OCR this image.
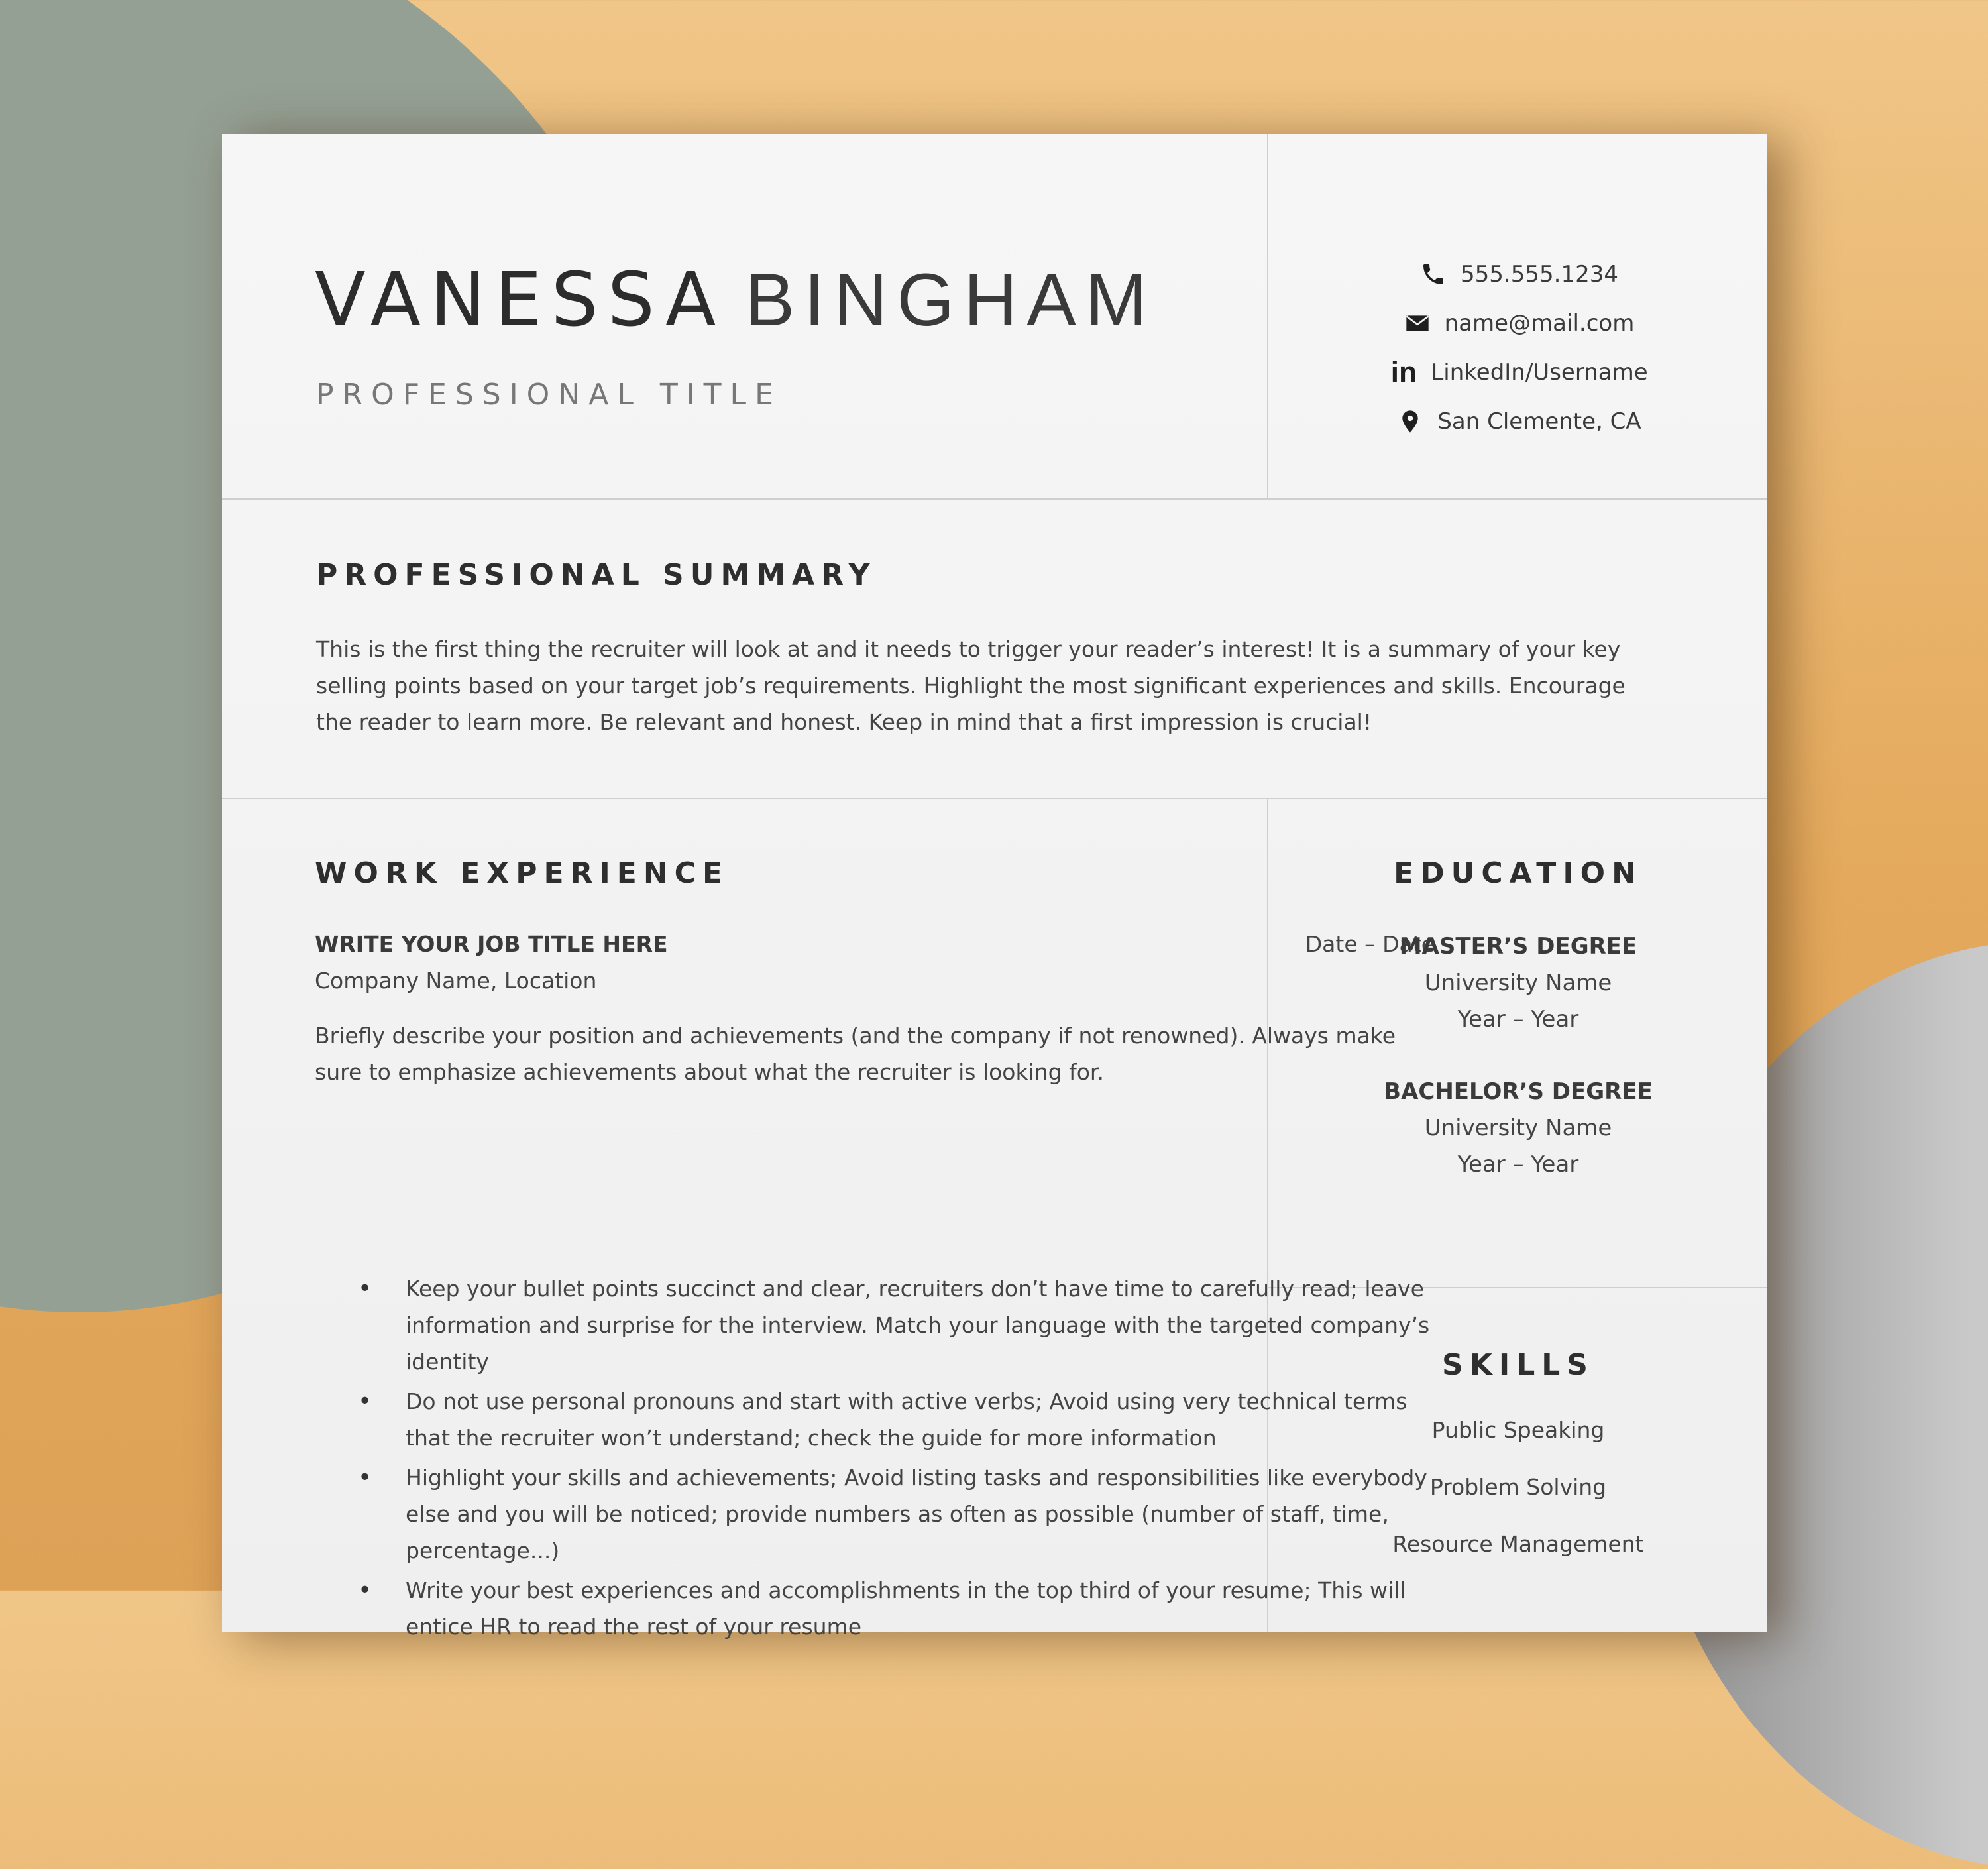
VANESSA BINGHAM
PROFESSIONAL TITLE
555.555.1234
name@mail.com
in LinkedIn/Username
San Clemente, CA
PROFESSIONAL SUMMARY
This is the first thing the recruiter will look at and it needs to trigger your reader’s interest! It is a summary of your key selling points based on your target job’s requirements. Highlight the most significant experiences and skills. Encourage the reader to learn more. Be relevant and honest. Keep in mind that a first impression is crucial!
WORK EXPERIENCE
WRITE YOUR JOB TITLE HERE	Date – Date
Company Name, Location
Briefly describe your position and achievements (and the company if not renowned). Always make sure to emphasize achievements about what the recruiter is looking for.
• Keep your bullet points succinct and clear, recruiters don’t have time to carefully read; leave information and surprise for the interview. Match your language with the targeted company’s identity
• Do not use personal pronouns and start with active verbs; Avoid using very technical terms that the recruiter won’t understand; check the guide for more information
• Highlight your skills and achievements; Avoid listing tasks and responsibilities like everybody else and you will be noticed; provide numbers as often as possible (number of staff, time, percentage...)
• Write your best experiences and accomplishments in the top third of your resume; This will entice HR to read the rest of your resume
EDUCATION
MASTER’S DEGREE
University Name
Year – Year
BACHELOR’S DEGREE
University Name
Year – Year
SKILLS
Public Speaking
Problem Solving
Resource Management
